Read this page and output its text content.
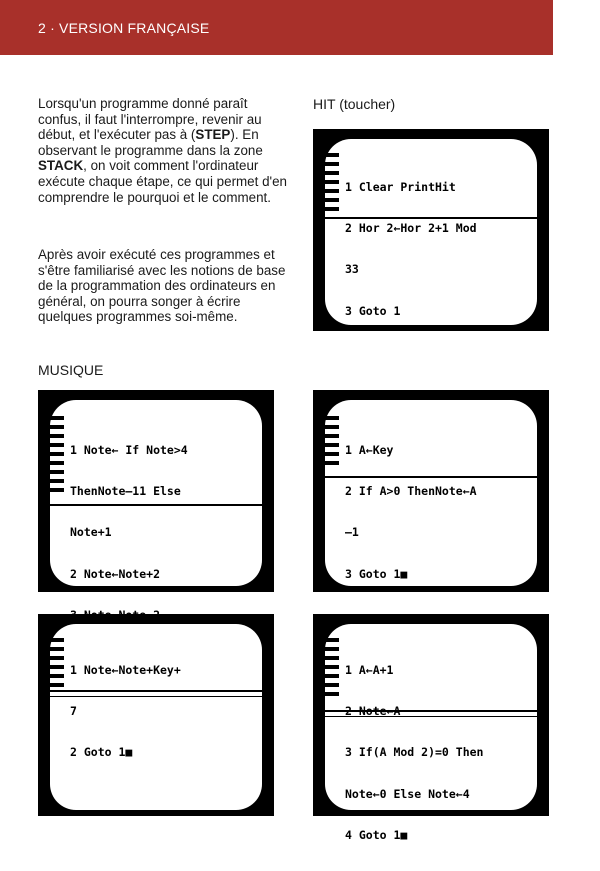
2 · VERSION FRANÇAISE
Lorsqu'un programme donné paraît confus, il faut l'interrompre, revenir au début, et l'exécuter pas à (STEP). En observant le programme dans la zone STACK, on voit comment l'ordinateur exécute chaque étape, ce qui permet d'en comprendre le pourquoi et le comment.
Après avoir exécuté ces programmes et s'être familiarisé avec les notions de base de la programmation des ordinateurs en général, on pourra songer à écrire quelques programmes soi-même.
HIT (toucher)
MUSIQUE

1 Clear PrintHit

2 Hor 2←Hor 2+1 Mod

33

3 Goto 1

1 Note← If Note>4

ThenNote—11 Else

Note+1

2 Note←Note+2

1 A←Key

2 If A>0 ThenNote←A

—1

3 Goto 1■

1 Note←Note+Key+

7

2 Goto 1■

1 A←A+1

3 If(A Mod 2)=0 Then

Note←0 Else Note←4

4 Goto 1■
